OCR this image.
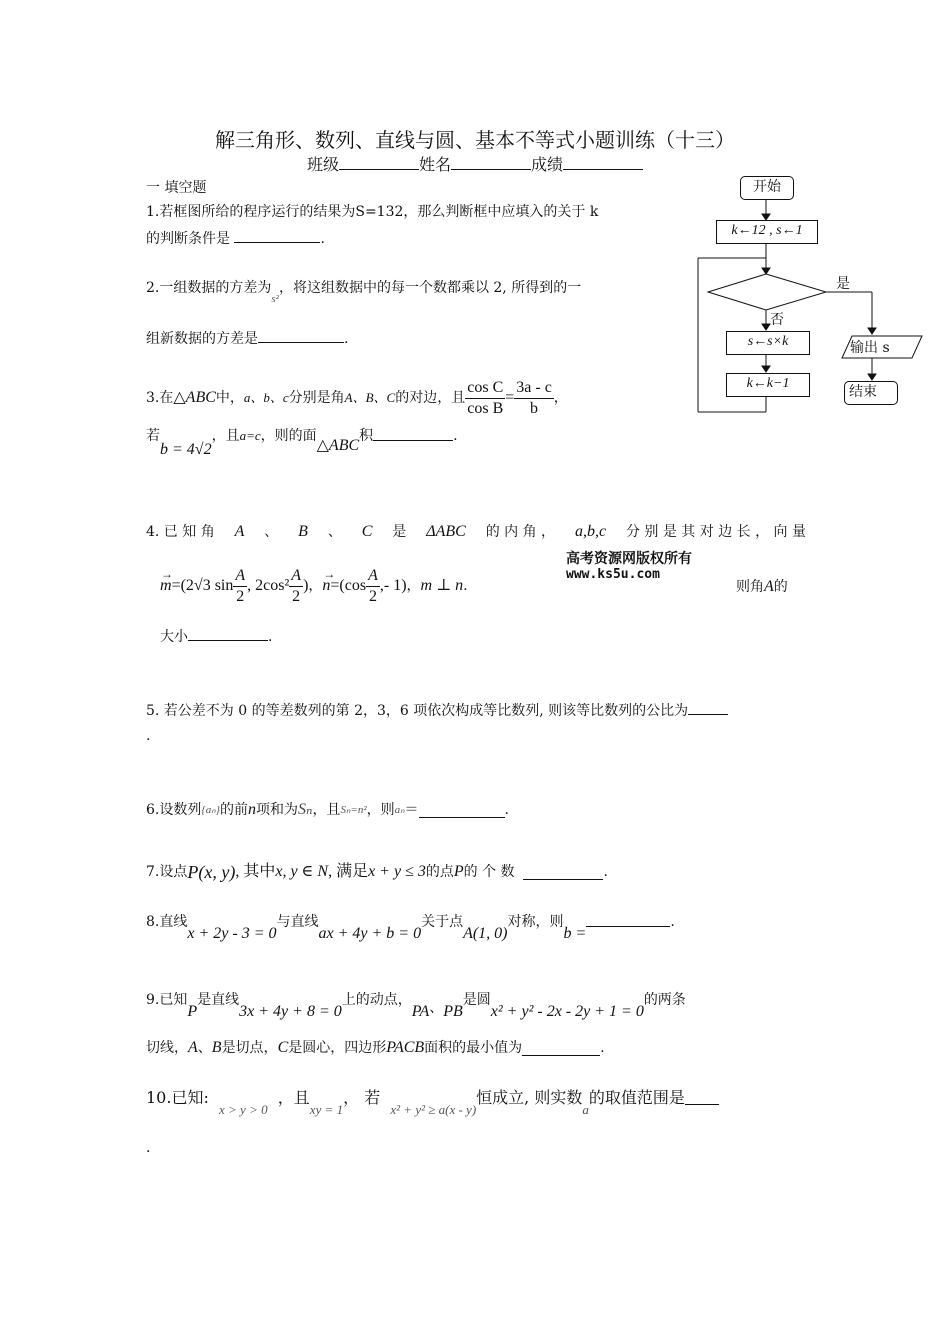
解三角形、数列、直线与圆、基本不等式小题训练（十三）
班级	姓名	成绩
一 填空题
1.若框图所给的程序运行的结果为S=132，那么判断框中应填入的关于 k
的判断条件是	.
2.一组数据的方差为$_{s^2}$，将这组数据中的每一个数都乘以 2, 所得到的一
组新数据的方差是	.
3.在 △ABC 中， a、b、c 分别是角 A、B、C 的对边，且 $\frac{\text{cos C}}{\text{cos B}} = \frac{3a - c}{b}$ ，
若
b = 4√2
，且 a=c ，则的面
△ABC
积	.
4. 已 知 角 A 、 B 、 C 是 ΔABC 的 内 角 ， a,b,c 分 别 是 其 对 边 长 ， 向 量
高考资源网版权所有
www.ks5u.com
→
m =(2√3 $\sin \frac{A}{2}$ , $2\cos^2 \frac{A}{2}$ ) ，
→
$n =(\cos \frac{A}{2}$ ,- 1) ， m ⊥ n .	则角A的
大小	.
5. 若公差不为 0 的等差数列的第 2，3，6 项依次构成等比数列, 则该等比数列的公比为
.
6.设数列 {aₙ} 的前 n 项和为 Sₙ ，且 Sₙ=n² ，则 aₙ ＝	.
7.设点 P(x, y) , 其中 x, y ∈ N , 满足 x + y ≤ 3 的点 P 的 个 数
	.
8.直线
x + 2y - 3 = 0
与直线
ax + 4y + b = 0
关于点
A(1, 0)
对称，则
b =
.
9.已知
P
是直线
3x + 4y + 8 = 0
上的动点，
PA 、 PB
是圆
x² + y² - 2x - 2y + 1 = 0
的两条
切线， A 、 B 是切点， C 是圆心，四边形 PACB 面积的最小值为	.
10.已知:

x > y > 0

，且
xy = 1
， 若

x² + y² ≥ a(x - y)
恒成立, 则实数
a
的取值范围是
.
开始
k←12 , s←1
是
否
s←s×k
k←k−1
输出 s
结束
